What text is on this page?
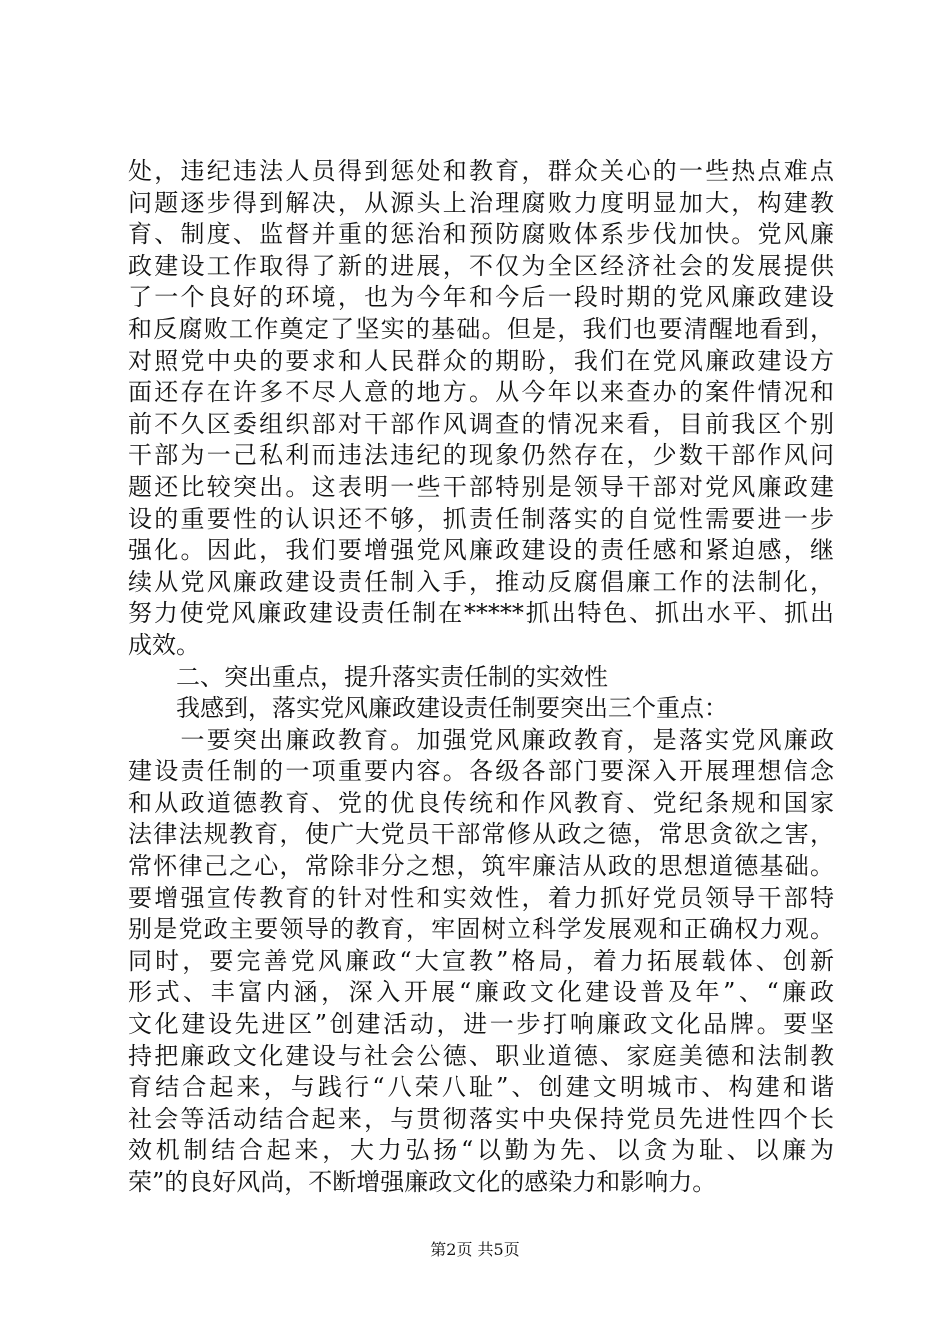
处，违纪违法人员得到惩处和教育，群众关心的一些热点难点
问题逐步得到解决，从源头上治理腐败力度明显加大，构建教
育、制度、监督并重的惩治和预防腐败体系步伐加快。党风廉
政建设工作取得了新的进展，不仅为全区经济社会的发展提供
了一个良好的环境，也为今年和今后一段时期的党风廉政建设
和反腐败工作奠定了坚实的基础。但是，我们也要清醒地看到，
对照党中央的要求和人民群众的期盼，我们在党风廉政建设方
面还存在许多不尽人意的地方。从今年以来查办的案件情况和
前不久区委组织部对干部作风调查的情况来看，目前我区个别
干部为一己私利而违法违纪的现象仍然存在，少数干部作风问
题还比较突出。这表明一些干部特别是领导干部对党风廉政建
设的重要性的认识还不够，抓责任制落实的自觉性需要进一步
强化。因此，我们要增强党风廉政建设的责任感和紧迫感，继
续从党风廉政建设责任制入手，推动反腐倡廉工作的法制化，
努力使党风廉政建设责任制在*****抓出特色、抓出水平、抓出
成效。
　　二、突出重点，提升落实责任制的实效性
　　我感到，落实党风廉政建设责任制要突出三个重点：
　　一要突出廉政教育。加强党风廉政教育，是落实党风廉政
建设责任制的一项重要内容。各级各部门要深入开展理想信念
和从政道德教育、党的优良传统和作风教育、党纪条规和国家
法律法规教育，使广大党员干部常修从政之德，常思贪欲之害，
常怀律己之心，常除非分之想，筑牢廉洁从政的思想道德基础。
要增强宣传教育的针对性和实效性，着力抓好党员领导干部特
别是党政主要领导的教育，牢固树立科学发展观和正确权力观。
同时，要完善党风廉政“大宣教”格局，着力拓展载体、创新
形式、丰富内涵，深入开展“廉政文化建设普及年”、“廉政
文化建设先进区”创建活动，进一步打响廉政文化品牌。要坚
持把廉政文化建设与社会公德、职业道德、家庭美德和法制教
育结合起来，与践行“八荣八耻”、创建文明城市、构建和谐
社会等活动结合起来，与贯彻落实中央保持党员先进性四个长
效机制结合起来，大力弘扬“以勤为先、以贪为耻、以廉为
荣”的良好风尚，不断增强廉政文化的感染力和影响力。
第2页 共5页
